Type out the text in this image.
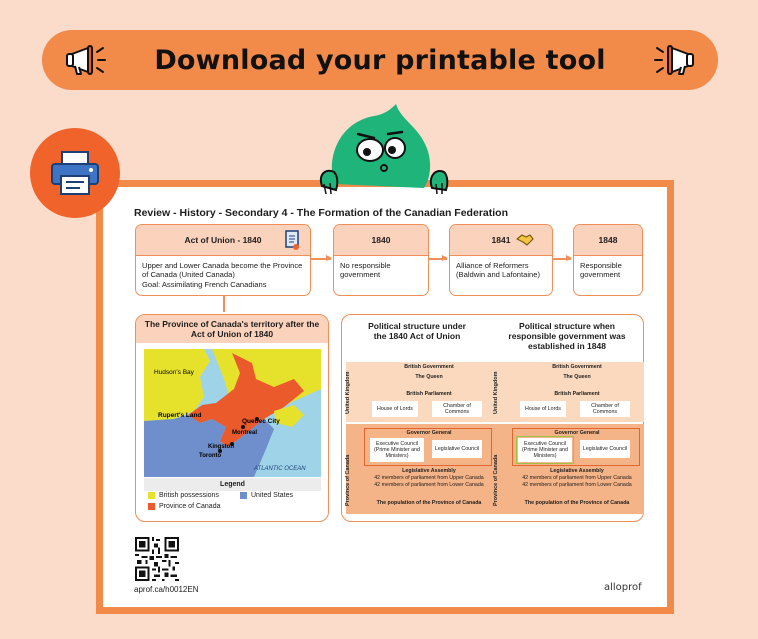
Download your printable tool
Review - History - Secondary 4 - The Formation of the Canadian Federation
Act of Union - 1840
Upper and Lower Canada become the Province of Canada (United Canada)
Goal: Assimilating French Canadians
1840
No responsible government
1841
Alliance of Reformers (Baldwin and Lafontaine)
1848
Responsible government
The Province of Canada's territory after the Act of Union of 1840
Hudson's Bay
Rupert's Land
Quebec City
Montreal
Kingston
Toronto
ATLANTIC OCEAN
Legend
British possessions	United States
Province of Canada
Political structure under the 1840 Act of Union
Political structure when responsible government was established in 1848
United Kingdom
Province of Canada
British Government
The Queen
British Parliament
House of Lords
Chamber of Commons
Governor General
Executive Council (Prime Minister and Ministers)
Legislative Council
Legislative Assembly
42 members of parliament from Upper Canada
42 members of parliament from Lower Canada
The population of the Province of Canada
United Kingdom
Province of Canada
British Government
The Queen
British Parliament
House of Lords
Chamber of Commons
Governor General
Executive Council (Prime Minister and Ministers)
Legislative Council
Legislative Assembly
42 members of parliament from Upper Canada
42 members of parliament from Lower Canada
The population of the Province of Canada
aprof.ca/h0012EN	alloprof
